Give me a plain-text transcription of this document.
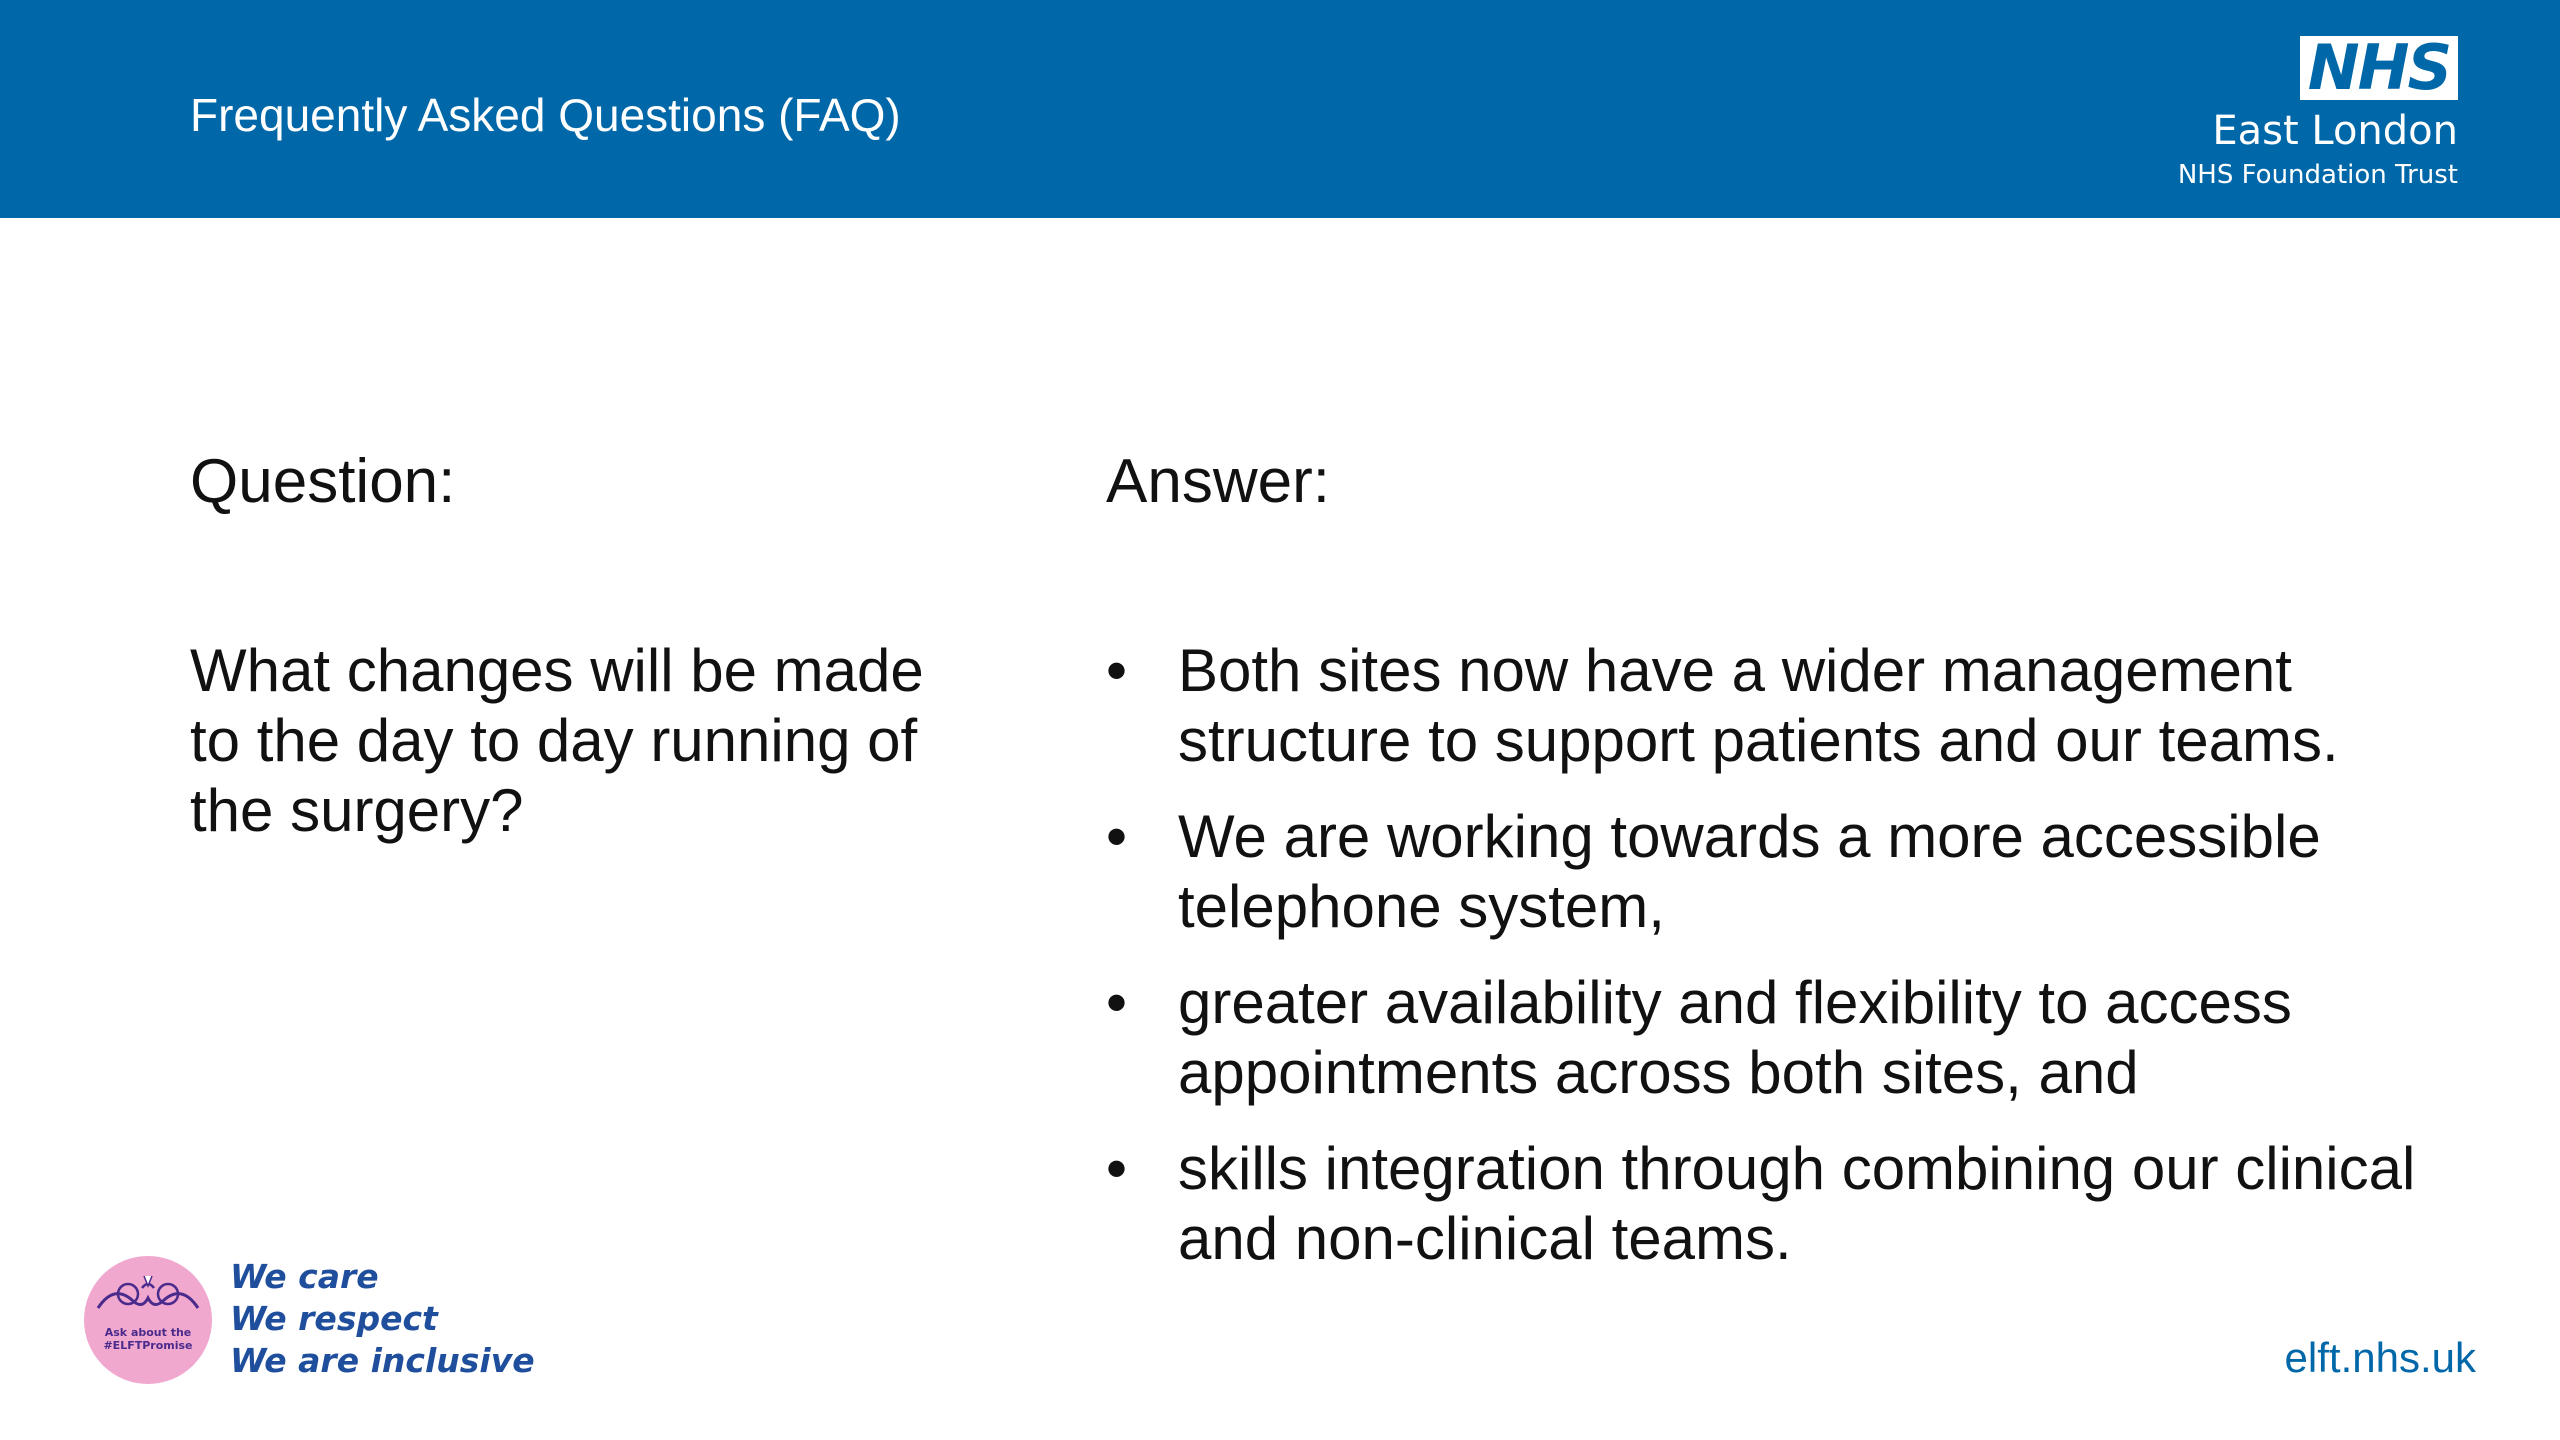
Frequently Asked Questions (FAQ)
NHS
East London
NHS Foundation Trust
Question:	Answer:
What changes will be made to the day to day running of the surgery?
• Both sites now have a wider management structure to support patients and our teams.
• We are working towards a more accessible telephone system,
• greater availability and flexibility to access appointments across both sites, and
• skills integration through combining our clinical and non-clinical teams.
Ask about the
#ELFTPromise
We care
We respect
We are inclusive	elft.nhs.uk
